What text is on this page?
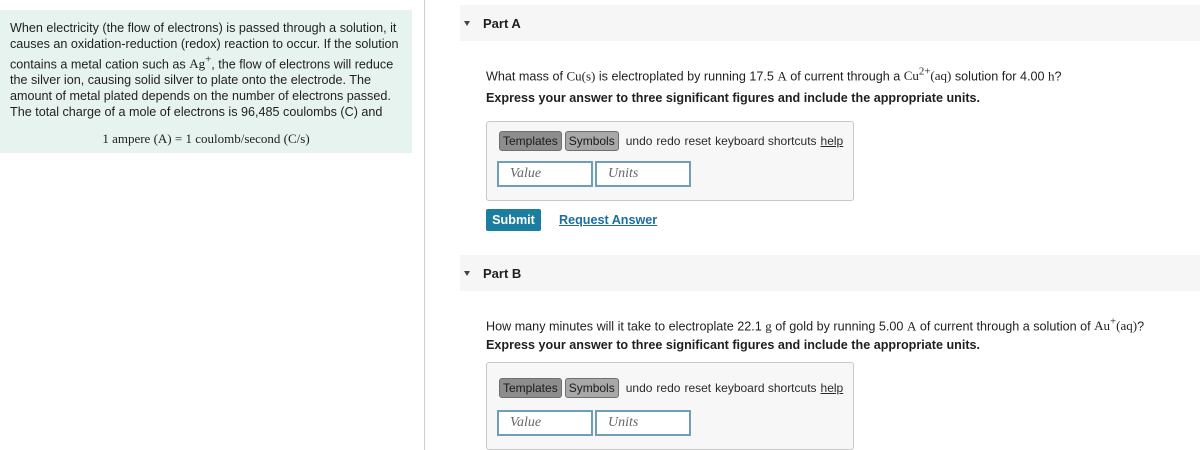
When electricity (the flow of electrons) is passed through a solution, it causes an oxidation-reduction (redox) reaction to occur. If the solution contains a metal cation such as Ag+, the flow of electrons will reduce the silver ion, causing solid silver to plate onto the electrode. The amount of metal plated depends on the number of electrons passed. The total charge of a mole of electrons is 96,485 coulombs (C) and

1 ampere (A) = 1 coulomb/second (C/s)
Part A
What mass of Cu(s) is electroplated by running 17.5 A of current through a $Cu^{2+}(aq)$ solution for 4.00 h?
Express your answer to three significant figures and include the appropriate units.
Templates Symbols undo redo reset keyboard shortcuts help
Value	Units
Submit	Request Answer
Part B
How many minutes will it take to electroplate 22.1 g of gold by running 5.00 A of current through a solution of Au+(aq)?
Express your answer to three significant figures and include the appropriate units.
Templates Symbols undo redo reset keyboard shortcuts help
Value	Units
